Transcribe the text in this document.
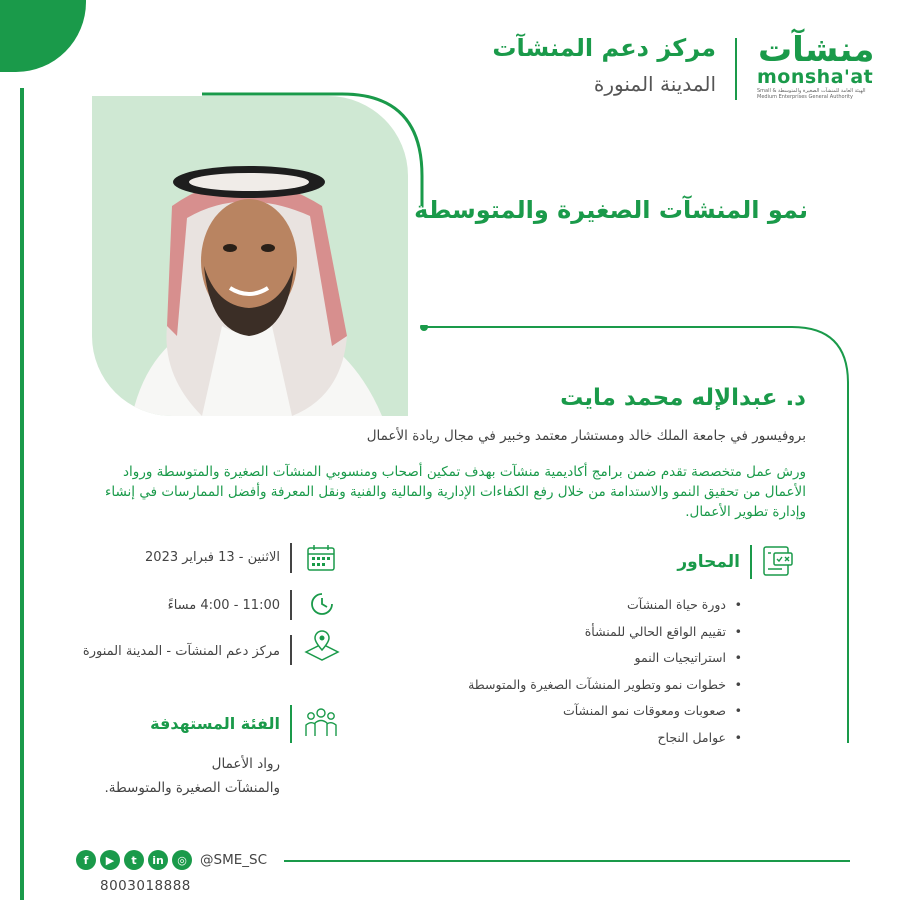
مركز دعم المنشآت
المدينة المنورة
منشآت
monsha'at
الهيئة العامة للمنشآت الصغيرة والمتوسطة Small & Medium Enterprises General Authority
نمو المنشآت الصغيرة والمتوسطة
د. عبدالإله محمد مايت
بروفيسور في جامعة الملك خالد ومستشار معتمد وخبير في مجال ريادة الأعمال
ورش عمل متخصصة تقدم ضمن برامج أكاديمية منشآت بهدف تمكين أصحاب ومنسوبي المنشآت الصغيرة والمتوسطة ورواد الأعمال من تحقيق النمو والاستدامة من خلال رفع الكفاءات الإدارية والمالية والفنية ونقل المعرفة وأفضل الممارسات في إنشاء وإدارة تطوير الأعمال.
المحاور
• دورة حياة المنشآت
• تقييم الواقع الحالي للمنشأة
• استراتيجيات النمو
• خطوات نمو وتطوير المنشآت الصغيرة والمتوسطة
• صعوبات ومعوقات نمو المنشآت
• عوامل النجاح
الاثنين - 13 فبراير 2023
11:00 - 4:00 مساءً
مركز دعم المنشآت - المدينة المنورة
الفئة المستهدفة
رواد الأعمال
والمنشآت الصغيرة والمتوسطة.
f	▶	t	in	◎ @SME_SC
8003018888
